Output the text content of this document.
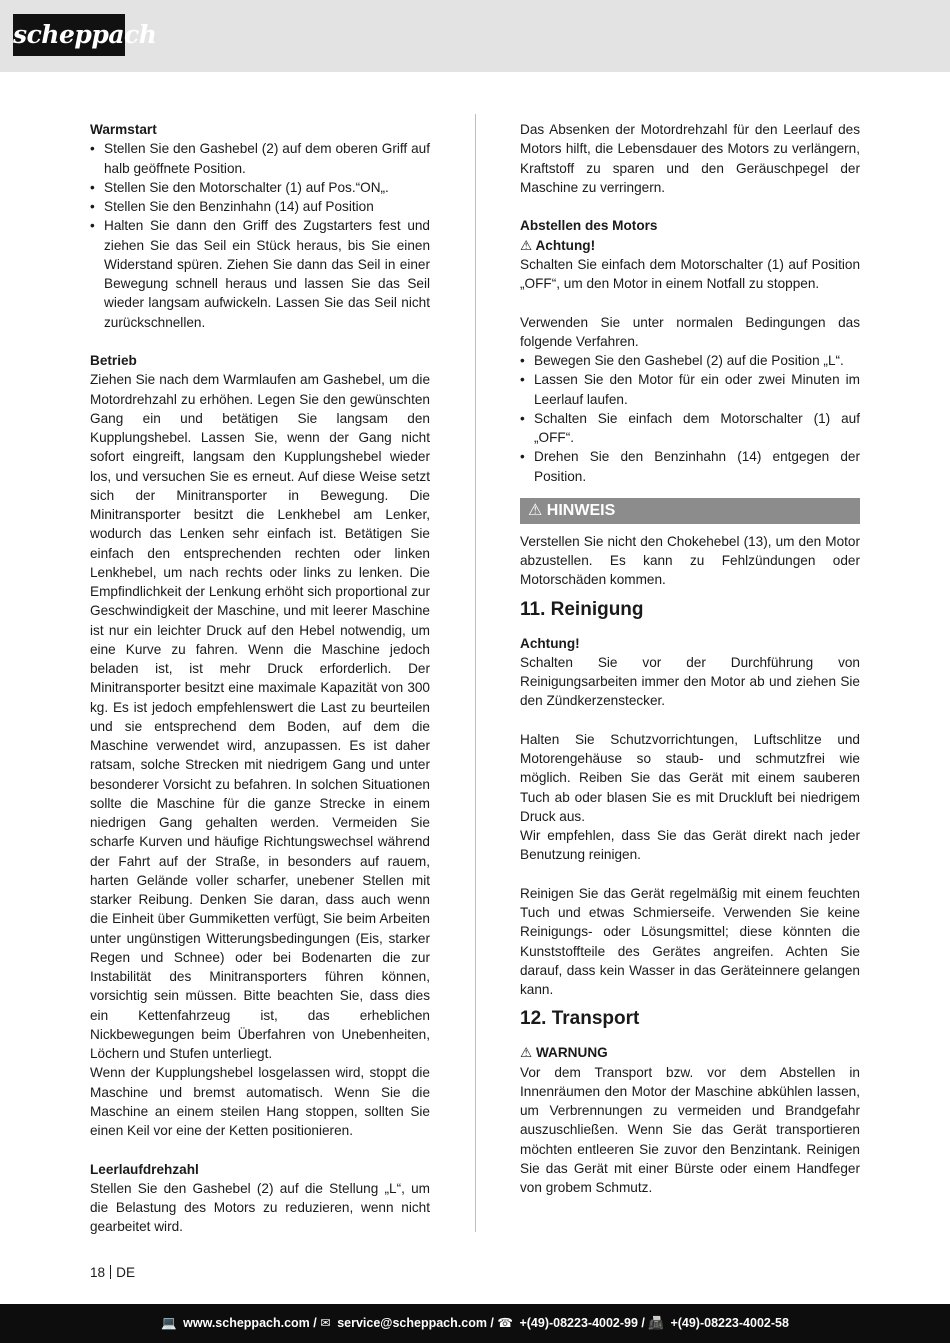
scheppach
Warmstart
• Stellen Sie den Gashebel (2) auf dem oberen Griff auf halb geöffnete Position.
• Stellen Sie den Motorschalter (1) auf Pos.“ON„.
• Stellen Sie den Benzinhahn (14) auf Position
• Halten Sie dann den Griff des Zugstarters fest und ziehen Sie das Seil ein Stück heraus, bis Sie einen Widerstand spüren. Ziehen Sie dann das Seil in einer Bewegung schnell heraus und lassen Sie das Seil wieder langsam aufwickeln. Lassen Sie das Seil nicht zurückschnellen.
Betrieb

Ziehen Sie nach dem Warmlaufen am Gashebel, um die Motordrehzahl zu erhöhen. Legen Sie den gewünschten Gang ein und betätigen Sie langsam den Kupplungshebel. Lassen Sie, wenn der Gang nicht sofort eingreift, langsam den Kupplungshebel wieder los, und versuchen Sie es erneut. Auf diese Weise setzt sich der Minitransporter in Bewegung. Die Minitransporter besitzt die Lenkhebel am Lenker, wodurch das Lenken sehr einfach ist. Betätigen Sie einfach den entsprechenden rechten oder linken Lenkhebel, um nach rechts oder links zu lenken. Die Empfindlichkeit der Lenkung erhöht sich proportional zur Geschwindigkeit der Maschine, und mit leerer Maschine ist nur ein leichter Druck auf den Hebel notwendig, um eine Kurve zu fahren. Wenn die Maschine jedoch beladen ist, ist mehr Druck erforderlich. Der Minitransporter besitzt eine maximale Kapazität von 300 kg. Es ist jedoch empfehlenswert die Last zu beurteilen und sie entsprechend dem Boden, auf dem die Maschine verwendet wird, anzupassen. Es ist daher ratsam, solche Strecken mit niedrigem Gang und unter besonderer Vorsicht zu befahren. In solchen Situationen sollte die Maschine für die ganze Strecke in einem niedrigen Gang gehalten werden. Vermeiden Sie scharfe Kurven und häufige Richtungswechsel während der Fahrt auf der Straße, in besonders auf rauem, harten Gelände voller scharfer, unebener Stellen mit starker Reibung. Denken Sie daran, dass auch wenn die Einheit über Gummiketten verfügt, Sie beim Arbeiten unter ungünstigen Witterungsbedingungen (Eis, starker Regen und Schnee) oder bei Bodenarten die zur Instabilität des Minitransporters führen können, vorsichtig sein müssen. Bitte beachten Sie, dass dies ein Kettenfahrzeug ist, das erheblichen Nickbewegungen beim Überfahren von Unebenheiten, Löchern und Stufen unterliegt.

Wenn der Kupplungshebel losgelassen wird, stoppt die Maschine und bremst automatisch. Wenn Sie die Maschine an einem steilen Hang stoppen, sollten Sie einen Keil vor eine der Ketten positionieren.

Leerlaufdrehzahl

Stellen Sie den Gashebel (2) auf die Stellung „L“, um die Belastung des Motors zu reduzieren, wenn nicht gearbeitet wird.

Das Absenken der Motordrehzahl für den Leerlauf des Motors hilft, die Lebensdauer des Motors zu verlängern, Kraftstoff zu sparen und den Geräuschpegel der Maschine zu verringern.

Abstellen des Motors
⚠ Achtung!

Schalten Sie einfach dem Motorschalter (1) auf Position „OFF“, um den Motor in einem Notfall zu stoppen.

Verwenden Sie unter normalen Bedingungen das folgende Verfahren.

• Bewegen Sie den Gashebel (2) auf die Position „L“.
• Lassen Sie den Motor für ein oder zwei Minuten im Leerlauf laufen.
• Schalten Sie einfach dem Motorschalter (1) auf „OFF“.
• Drehen Sie den Benzinhahn (14) entgegen der Position.
⚠ HINWEIS

Verstellen Sie nicht den Chokehebel (13), um den Motor abzustellen. Es kann zu Fehlzündungen oder Motorschäden kommen.

11. Reinigung
Achtung!

Schalten Sie vor der Durchführung von Reinigungsarbeiten immer den Motor ab und ziehen Sie den Zündkerzenstecker.

Halten Sie Schutzvorrichtungen, Luftschlitze und Motorengehäuse so staub- und schmutzfrei wie möglich. Reiben Sie das Gerät mit einem sauberen Tuch ab oder blasen Sie es mit Druckluft bei niedrigem Druck aus.

Wir empfehlen, dass Sie das Gerät direkt nach jeder Benutzung reinigen.

Reinigen Sie das Gerät regelmäßig mit einem feuchten Tuch und etwas Schmierseife. Verwenden Sie keine Reinigungs- oder Lösungsmittel; diese könnten die Kunststoffteile des Gerätes angreifen. Achten Sie darauf, dass kein Wasser in das Geräteinnere gelangen kann.

12. Transport
⚠ WARNUNG

Vor dem Transport bzw. vor dem Abstellen in Innenräumen den Motor der Maschine abkühlen lassen, um Verbrennungen zu vermeiden und Brandgefahr auszuschließen. Wenn Sie das Gerät transportieren möchten entleeren Sie zuvor den Benzintank. Reinigen Sie das Gerät mit einer Bürste oder einem Handfeger von grobem Schmutz.

18 DE
💻 www.scheppach.com / ✉ service@scheppach.com / ☎ +(49)-08223-4002-99 / 📠 +(49)-08223-4002-58
